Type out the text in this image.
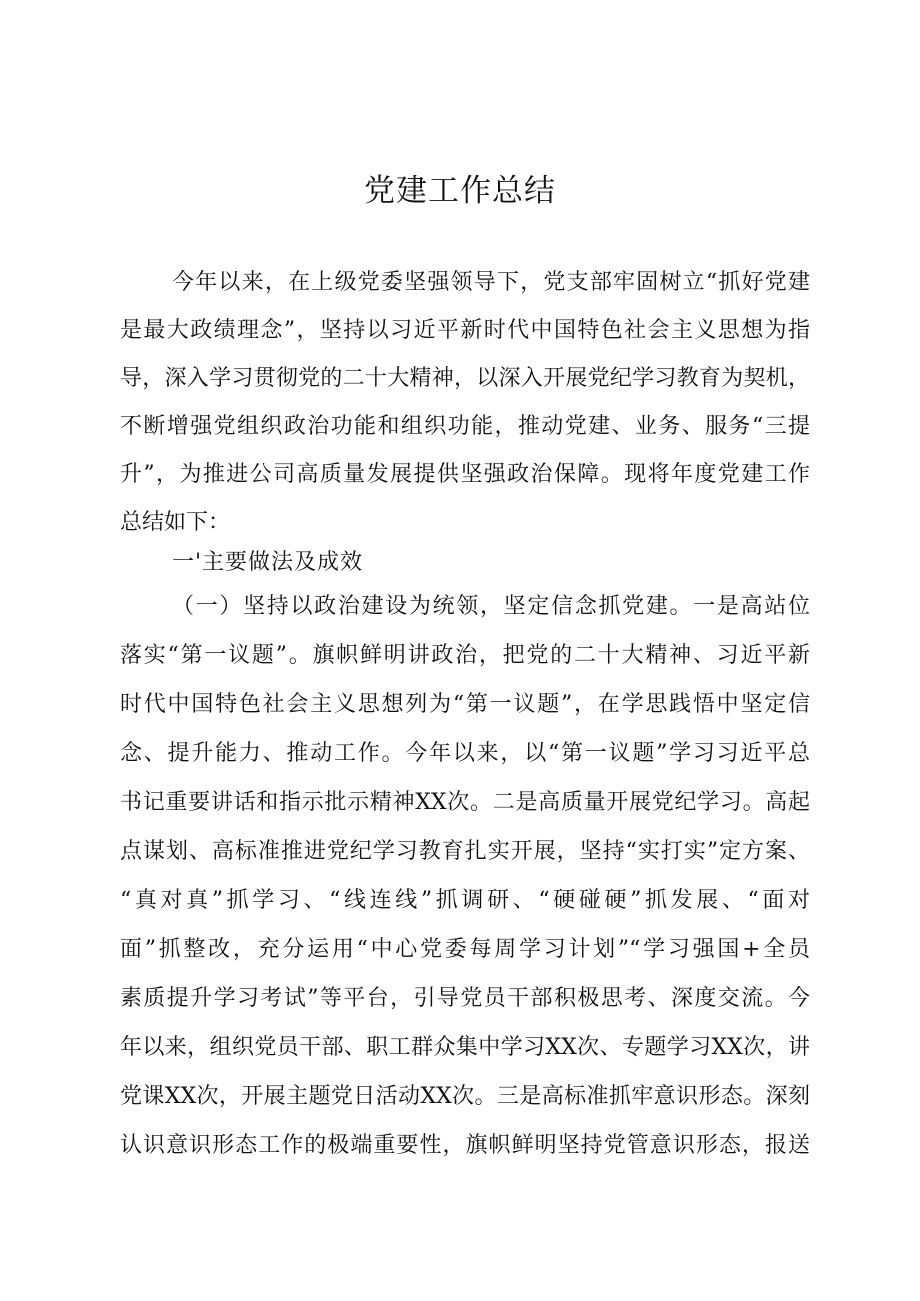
党建工作总结
今年以来，在上级党委坚强领导下，党支部牢固树立“抓好党建
是最大政绩理念”，坚持以习近平新时代中国特色社会主义思想为指
导，深入学习贯彻党的二十大精神，以深入开展党纪学习教育为契机，
不断增强党组织政治功能和组织功能，推动党建、业务、服务“三提
升”，为推进公司高质量发展提供坚强政治保障。现将年度党建工作
总结如下：
一'主要做法及成效
（一）坚持以政治建设为统领，坚定信念抓党建。一是高站位
落实“第一议题”。旗帜鲜明讲政治，把党的二十大精神、习近平新
时代中国特色社会主义思想列为“第一议题”，在学思践悟中坚定信
念、提升能力、推动工作。今年以来，以“第一议题”学习习近平总
书记重要讲话和指示批示精神XX次。二是高质量开展党纪学习。高起
点谋划、高标准推进党纪学习教育扎实开展，坚持“实打实”定方案、
“真对真”抓学习、“线连线”抓调研、“硬碰硬”抓发展、“面对
面”抓整改，充分运用“中心党委每周学习计划”“学习强国+全员
素质提升学习考试”等平台，引导党员干部积极思考、深度交流。今
年以来，组织党员干部、职工群众集中学习XX次、专题学习XX次，讲
党课XX次，开展主题党日活动XX次。三是高标准抓牢意识形态。深刻
认识意识形态工作的极端重要性，旗帜鲜明坚持党管意识形态，报送
